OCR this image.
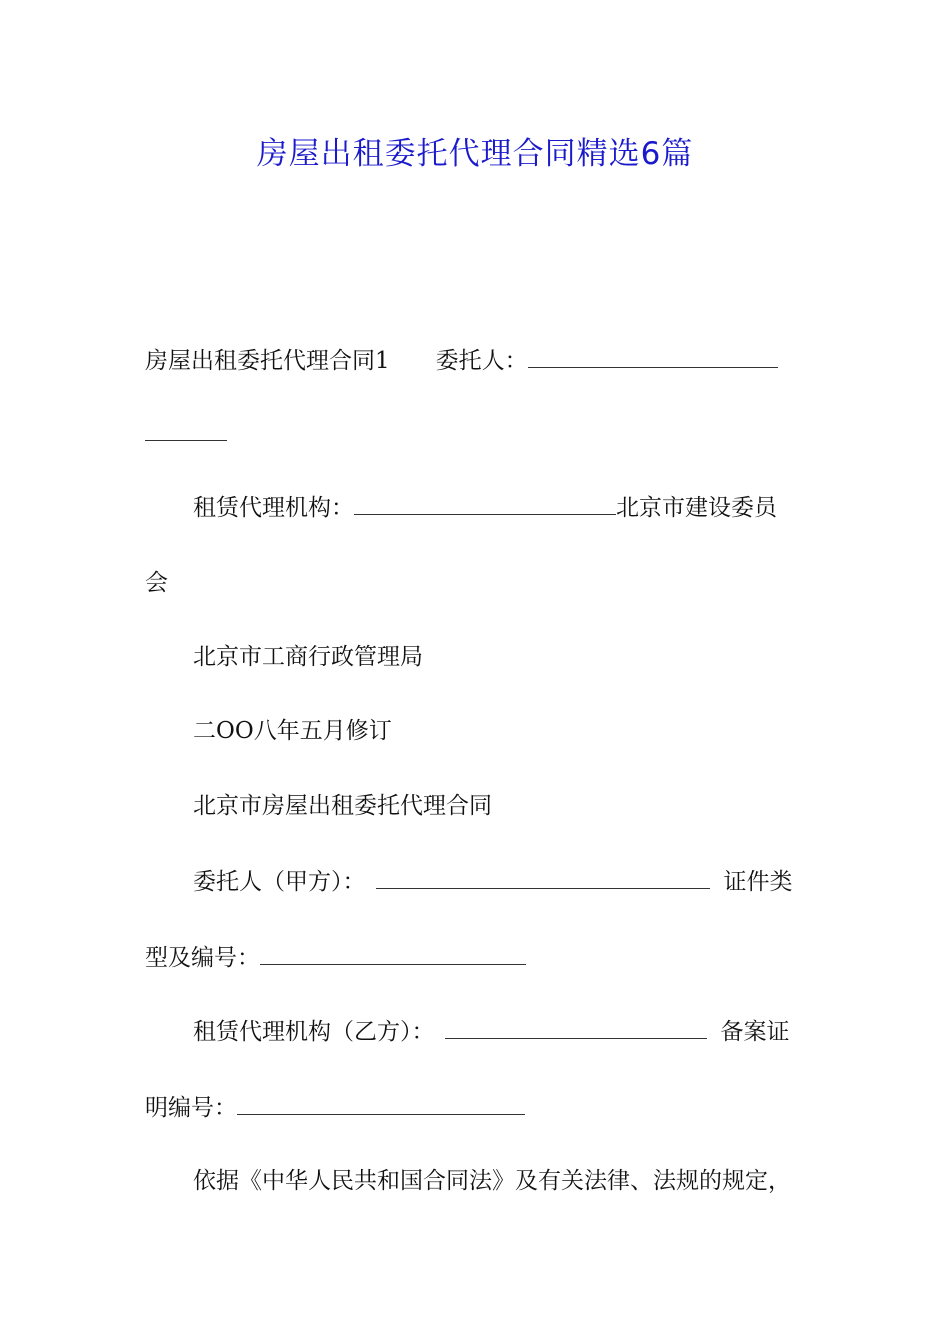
房屋出租委托代理合同精选6篇
房屋出租委托代理合同1 委托人：
租赁代理机构：	北京市建设委员
会
北京市工商行政管理局
二OO八年五月修订
北京市房屋出租委托代理合同
委托人（甲方）：	证件类
型及编号：
租赁代理机构（乙方）：	备案证
明编号：
依据《中华人民共和国合同法》及有关法律、法规的规定，
